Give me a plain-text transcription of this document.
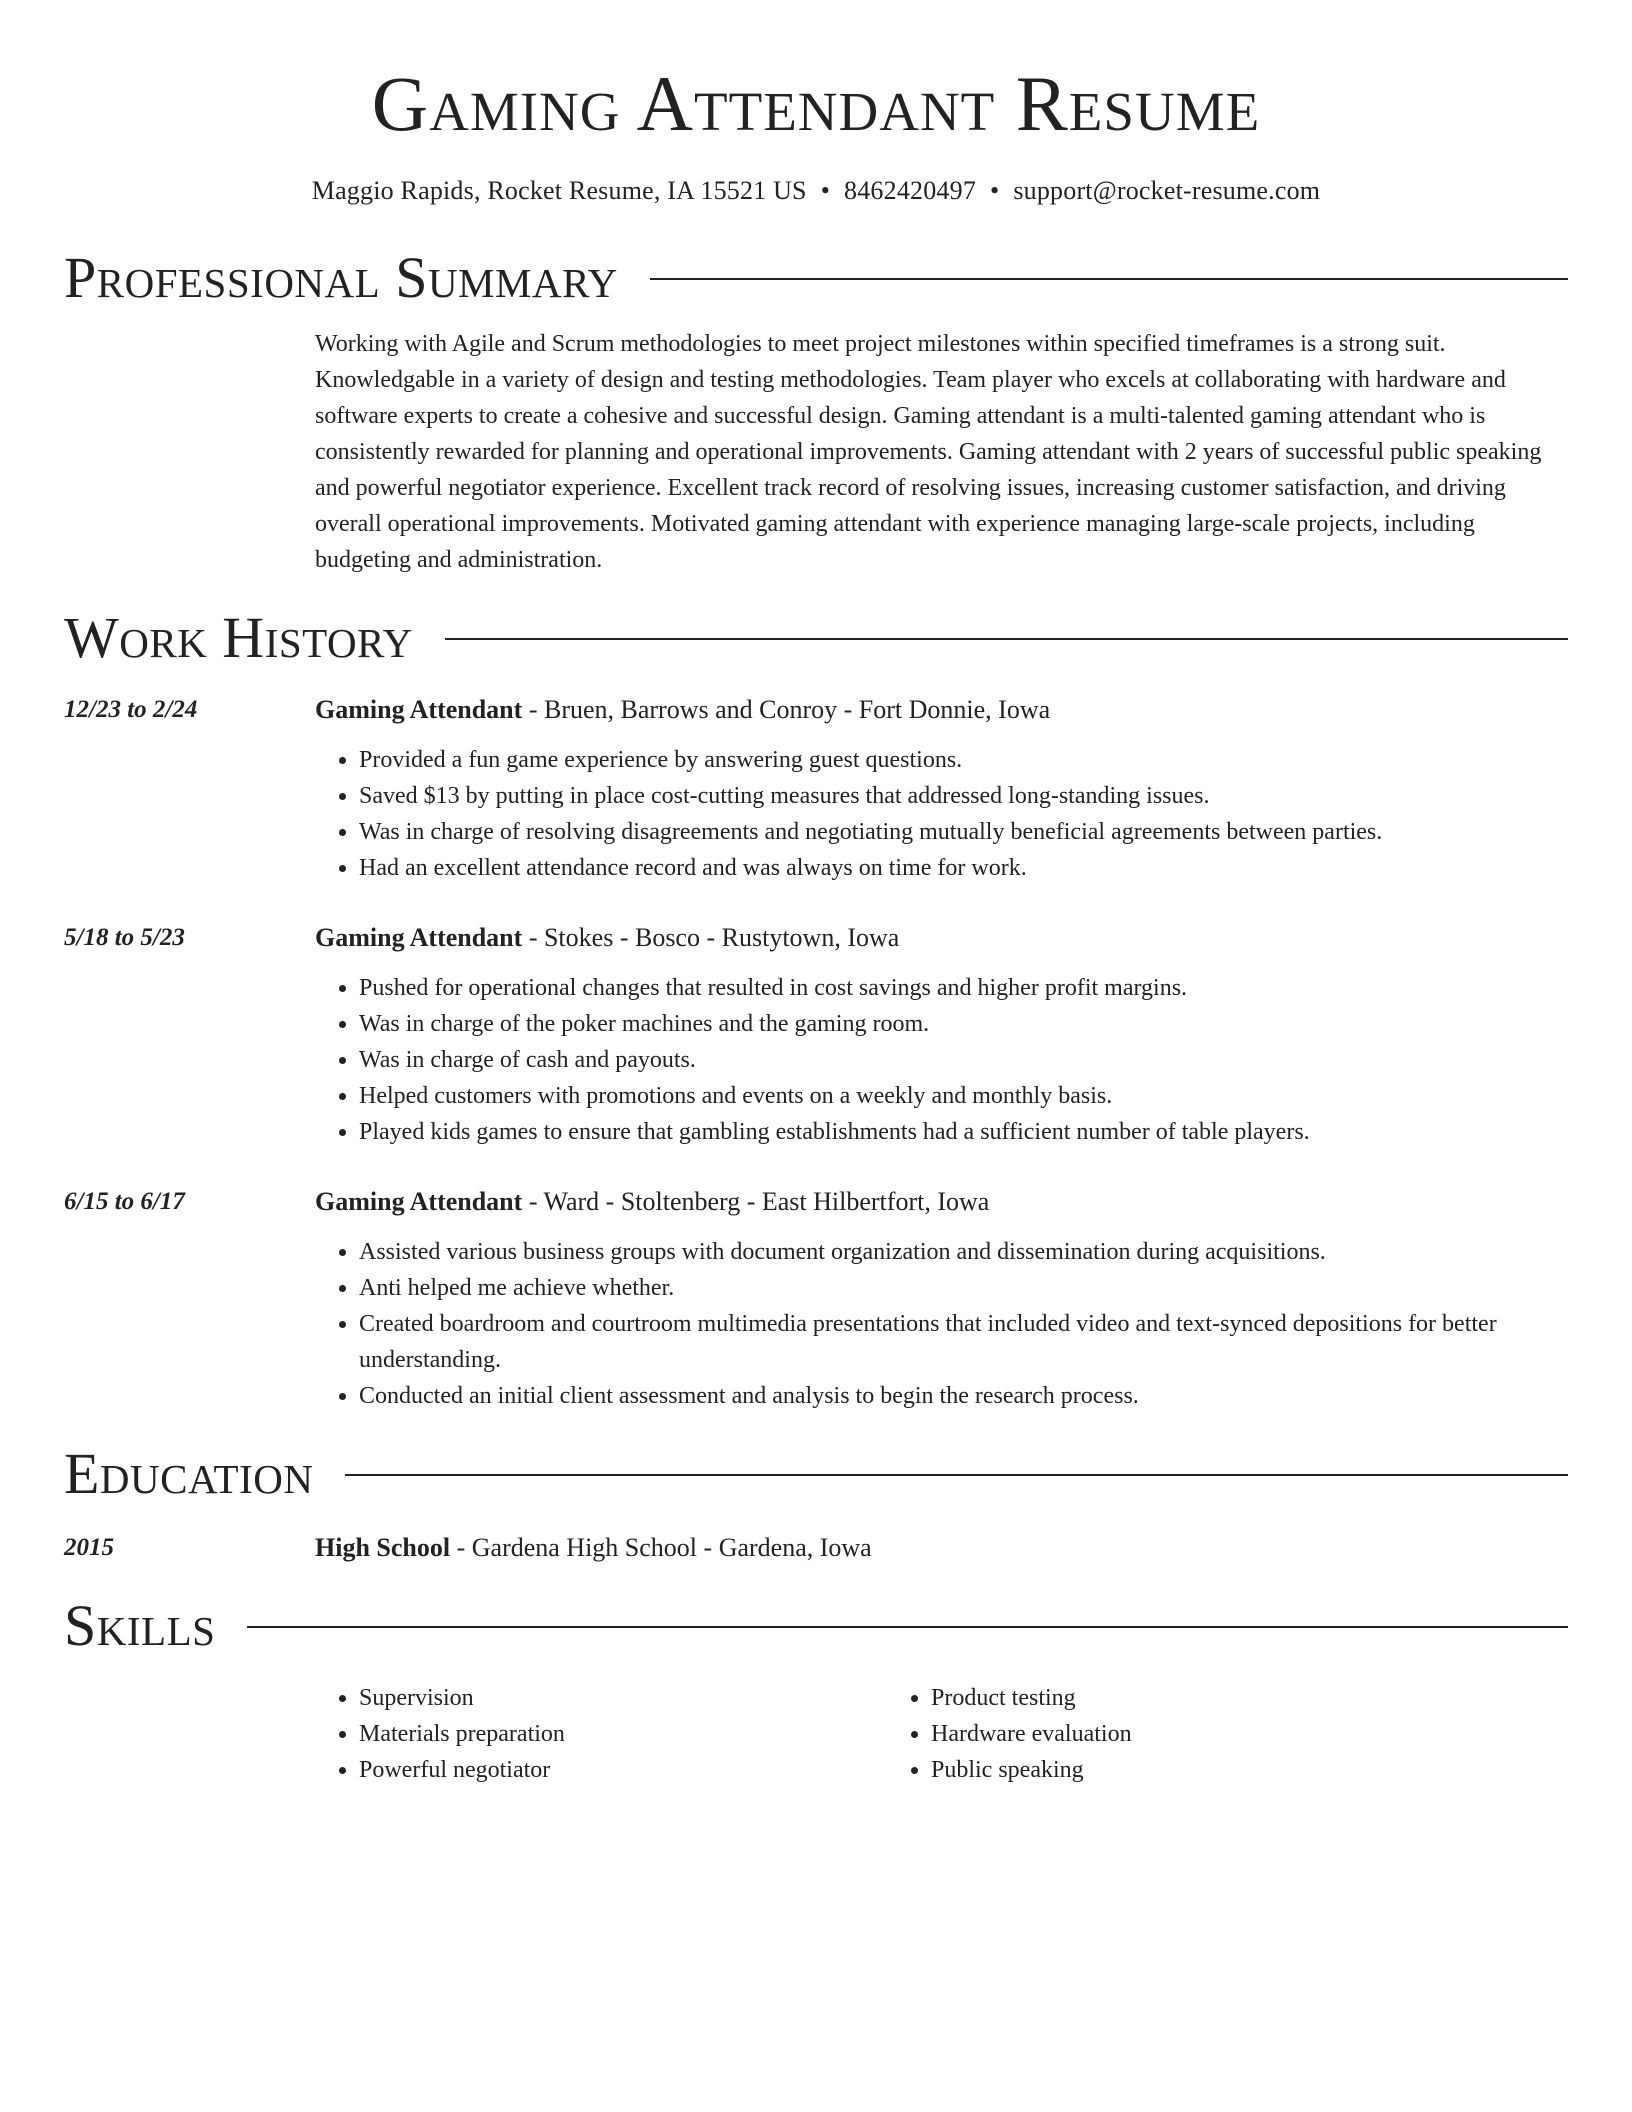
Gaming Attendant Resume
Maggio Rapids, Rocket Resume, IA 15521 US • 8462420497 • support@rocket-resume.com
Professional Summary
Working with Agile and Scrum methodologies to meet project milestones within specified timeframes is a strong suit. Knowledgable in a variety of design and testing methodologies. Team player who excels at collaborating with hardware and software experts to create a cohesive and successful design. Gaming attendant is a multi-talented gaming attendant who is consistently rewarded for planning and operational improvements. Gaming attendant with 2 years of successful public speaking and powerful negotiator experience. Excellent track record of resolving issues, increasing customer satisfaction, and driving overall operational improvements. Motivated gaming attendant with experience managing large-scale projects, including budgeting and administration.
Work History
12/23 to 2/24	Gaming Attendant - Bruen, Barrows and Conroy - Fort Donnie, Iowa
• Provided a fun game experience by answering guest questions.
• Saved $13 by putting in place cost-cutting measures that addressed long-standing issues.
• Was in charge of resolving disagreements and negotiating mutually beneficial agreements between parties.
• Had an excellent attendance record and was always on time for work.
5/18 to 5/23	Gaming Attendant - Stokes - Bosco - Rustytown, Iowa
• Pushed for operational changes that resulted in cost savings and higher profit margins.
• Was in charge of the poker machines and the gaming room.
• Was in charge of cash and payouts.
• Helped customers with promotions and events on a weekly and monthly basis.
• Played kids games to ensure that gambling establishments had a sufficient number of table players.
6/15 to 6/17	Gaming Attendant - Ward - Stoltenberg - East Hilbertfort, Iowa
• Assisted various business groups with document organization and dissemination during acquisitions.
• Anti helped me achieve whether.
• Created boardroom and courtroom multimedia presentations that included video and text-synced depositions for better understanding.
• Conducted an initial client assessment and analysis to begin the research process.
Education
2015	High School - Gardena High School - Gardena, Iowa
Skills
• Supervision
• Materials preparation
• Powerful negotiator
• Product testing
• Hardware evaluation
• Public speaking
